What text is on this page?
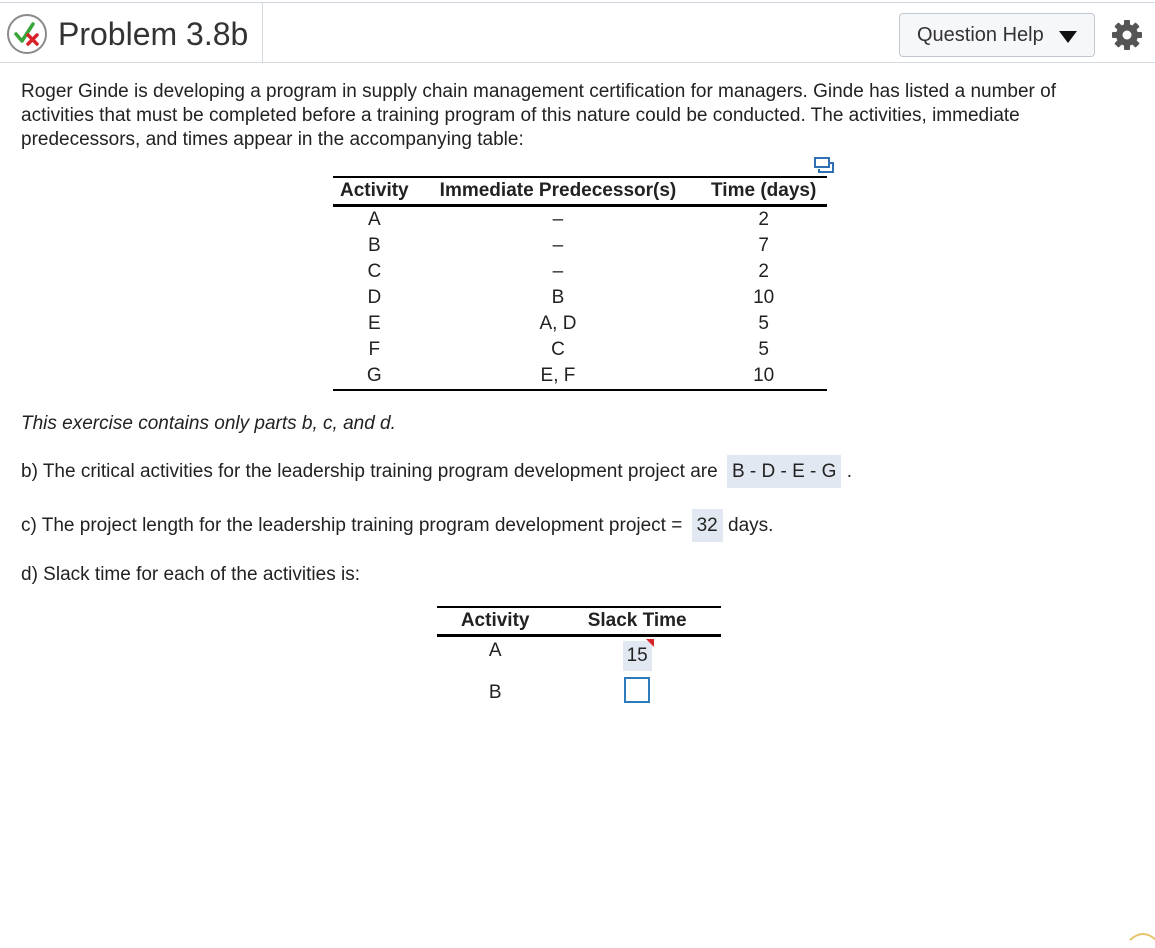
Problem 3.8b	Question Help
Roger Ginde is developing a program in supply chain management certification for managers. Ginde has listed a number of activities that must be completed before a training program of this nature could be conducted. The activities, immediate predecessors, and times appear in the accompanying table:
Activity	Immediate Predecessor(s)	Time (days)
A	–	2
B	–	7
C	–	2
D	B	10
E	A, D	5
F	C	5
G	E, F	10
This exercise contains only parts b, c, and d.
b) The critical activities for the leadership training program development project are B - D - E - G .
c) The project length for the leadership training program development project = 32 days.
d) Slack time for each of the activities is:
Activity	Slack Time
A	15

B	
